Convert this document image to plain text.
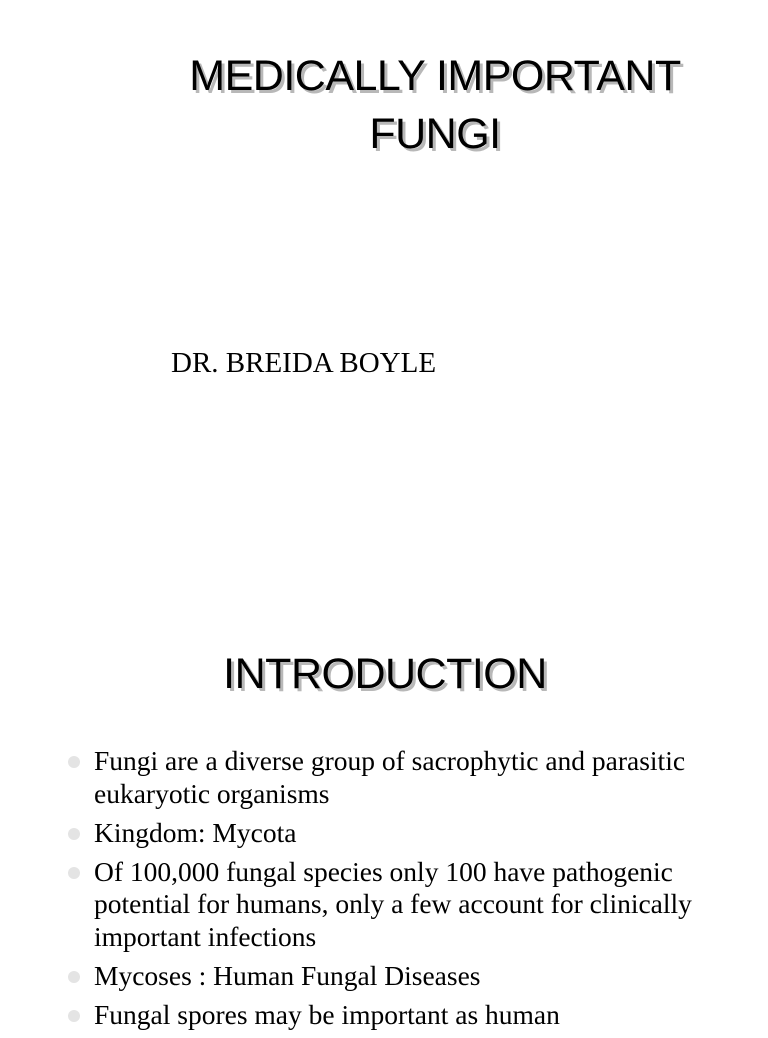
MEDICALLY IMPORTANT
FUNGI

DR. BREIDA BOYLE

INTRODUCTION
Fungi are a diverse group of sacrophytic and parasitic eukaryotic organisms
Kingdom: Mycota
Of 100,000 fungal species only 100 have pathogenic potential for humans, only a few account for clinically important infections
Mycoses : Human Fungal Diseases
Fungal spores may be important as human
